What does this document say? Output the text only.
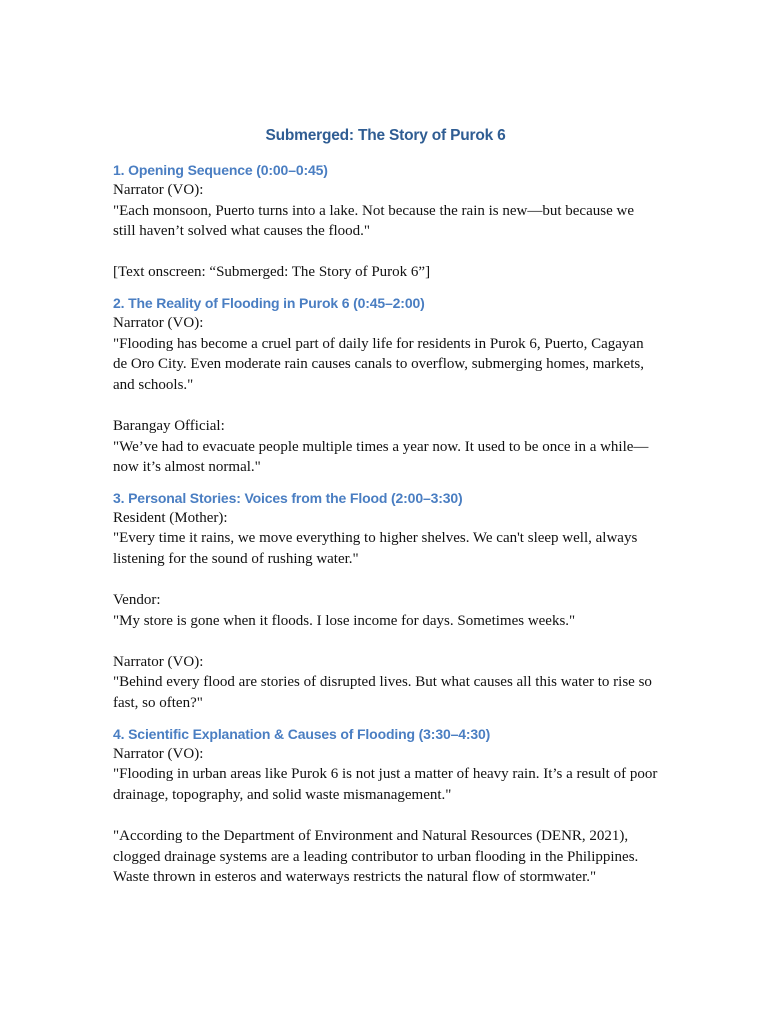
Submerged: The Story of Purok 6
1. Opening Sequence (0:00–0:45)

Narrator (VO):

"Each monsoon, Puerto turns into a lake. Not because the rain is new—but because we still haven’t solved what causes the flood."

[Text onscreen: “Submerged: The Story of Purok 6”]

2. The Reality of Flooding in Purok 6 (0:45–2:00)

Narrator (VO):

"Flooding has become a cruel part of daily life for residents in Purok 6, Puerto, Cagayan de Oro City. Even moderate rain causes canals to overflow, submerging homes, markets, and schools."

Barangay Official:

"We’ve had to evacuate people multiple times a year now. It used to be once in a while—now it’s almost normal."

3. Personal Stories: Voices from the Flood (2:00–3:30)

Resident (Mother):

"Every time it rains, we move everything to higher shelves. We can't sleep well, always listening for the sound of rushing water."

Vendor:

"My store is gone when it floods. I lose income for days. Sometimes weeks."

Narrator (VO):

"Behind every flood are stories of disrupted lives. But what causes all this water to rise so fast, so often?"

4. Scientific Explanation & Causes of Flooding (3:30–4:30)

Narrator (VO):

"Flooding in urban areas like Purok 6 is not just a matter of heavy rain. It’s a result of poor drainage, topography, and solid waste mismanagement."

"According to the Department of Environment and Natural Resources (DENR, 2021), clogged drainage systems are a leading contributor to urban flooding in the Philippines. Waste thrown in esteros and waterways restricts the natural flow of stormwater."
